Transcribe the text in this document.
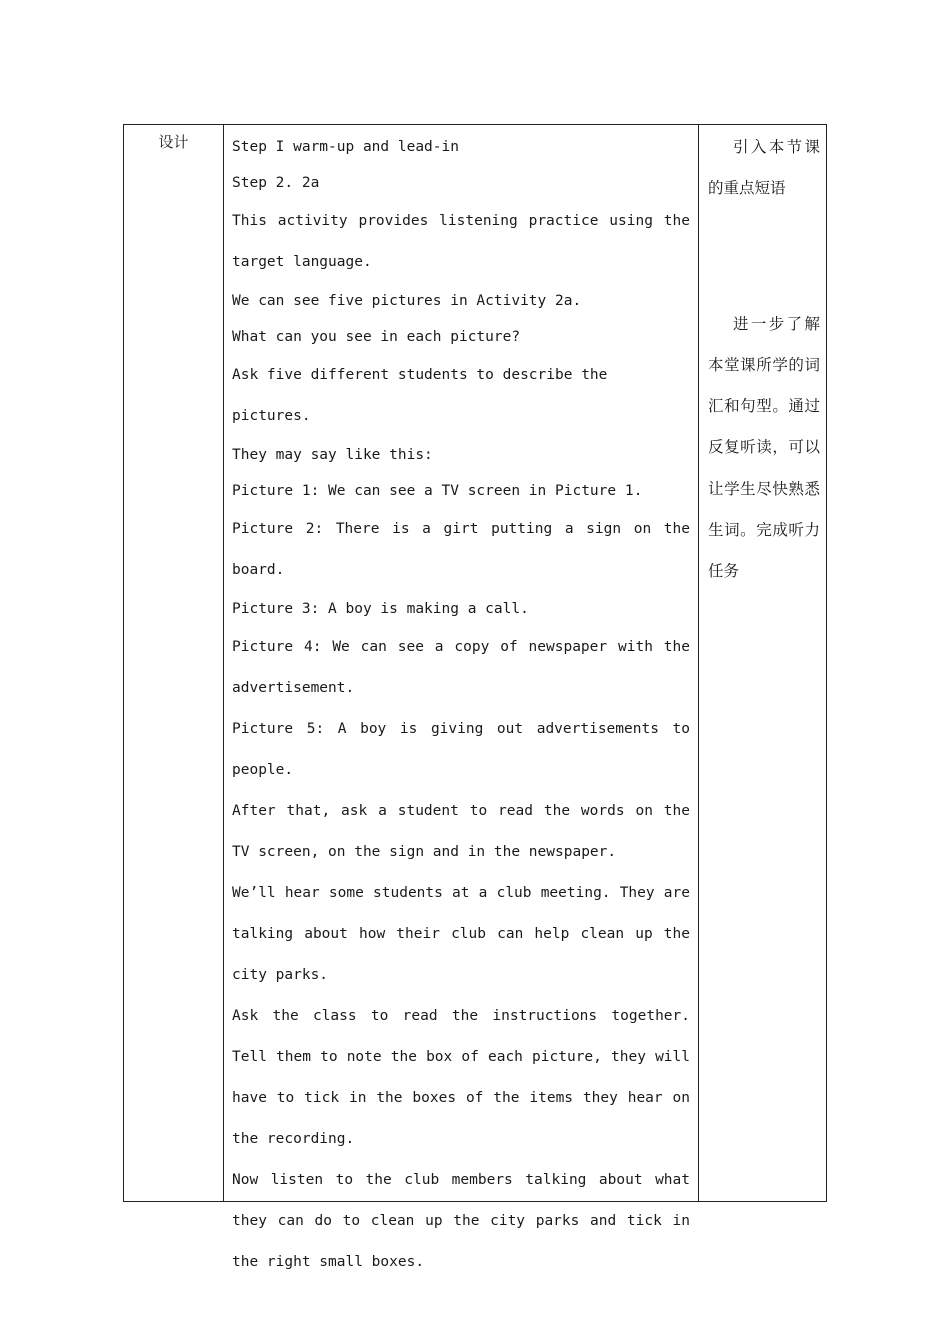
设计	Step I warm-up and lead-in

Step 2. 2a

This activity provides listening practice using the target language.

We can see five pictures in Activity 2a.

What can you see in each picture?

Ask five different students to describe the pictures.

They may say like this:

Picture 1: We can see a TV screen in Picture 1.

Picture 2: There is a girt putting a sign on the board.

Picture 3: A boy is making a call.

Picture 4: We can see a copy of newspaper with the advertisement.

Picture 5: A boy is giving out advertisements to people.

After that, ask a student to read the words on the TV screen, on the sign and in the newspaper.

We’ll hear some students at a club meeting. They are talking about how their club can help clean up the city parks.

Ask the class to read the instructions together. Tell them to note the box of each picture, they will have to tick in the boxes of the items they hear on the recording.

Now listen to the club members talking about what they can do to clean up the city parks and tick in the right small boxes.

引入本节课的重点短语

进一步了解本堂课所学的词汇和句型。通过反复听读，可以让学生尽快熟悉生词。完成听力任务
